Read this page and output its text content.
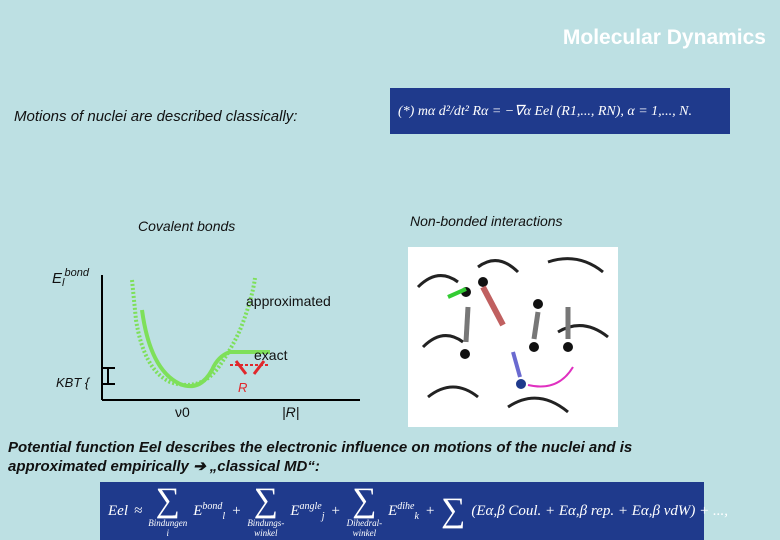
Molecular Dynamics
Motions of nuclei are described classically:	(*) mα d²/dt² Rα = −∇α Eel (R1,..., RN), α = 1,..., N.
Covalent bonds	Non-bonded interactions
$E_l^{bond}$
approximated
exact
KBT {	R
ν0	|R|
Potential function Eel describes the electronic influence on motions of the nuclei and is
approximated empirically ➔ „classical MD“:
Eel ≈ ∑
Bindungen
i
$E^{bond}_l$ + ∑
Bindungs-
winkel
$E^{angle}_j$ + ∑
Dihedral-
winkel
$E^{dihe}_k$ + ∑ (Eα,β Coul. + Eα,β rep. + Eα,β vdW) + ...,
